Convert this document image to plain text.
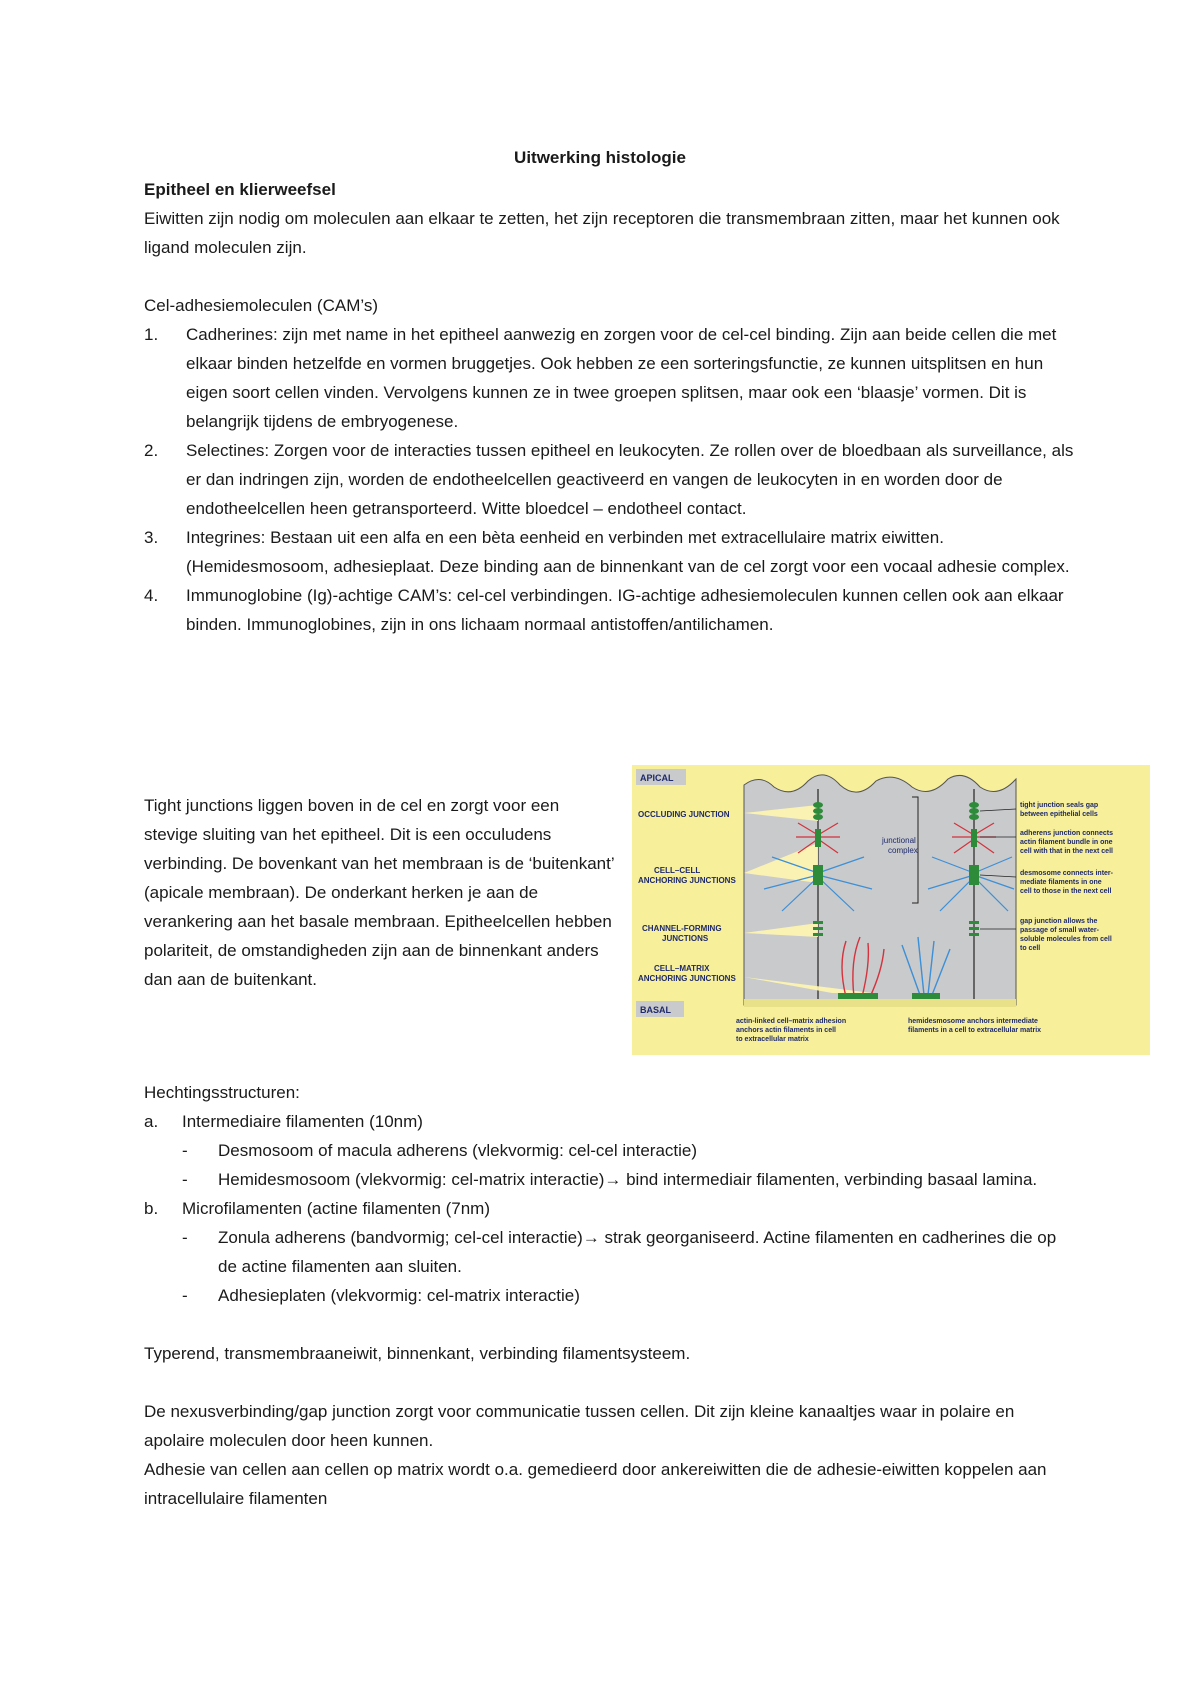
Uitwerking histologie

Epitheel en klierweefsel

Eiwitten zijn nodig om moleculen aan elkaar te zetten, het zijn receptoren die transmembraan zitten, maar het kunnen ook ligand moleculen zijn.

Cel-adhesiemoleculen (CAM’s)

1.	Cadherines: zijn met name in het epitheel aanwezig en zorgen voor de cel-cel binding. Zijn aan beide cellen die met elkaar binden hetzelfde en vormen bruggetjes. Ook hebben ze een sorteringsfunctie, ze kunnen uitsplitsen en hun eigen soort cellen vinden. Vervolgens kunnen ze in twee groepen splitsen, maar ook een ‘blaasje’ vormen. Dit is belangrijk tijdens de embryogenese.
2.	Selectines: Zorgen voor de interacties tussen epitheel en leukocyten. Ze rollen over de bloedbaan als surveillance, als er dan indringen zijn, worden de endotheelcellen geactiveerd en vangen de leukocyten in en worden door de endotheelcellen heen getransporteerd. Witte bloedcel – endotheel contact.
3.	Integrines: Bestaan uit een alfa en een bèta eenheid en verbinden met extracellulaire matrix eiwitten. (Hemidesmosoom, adhesieplaat. Deze binding aan de binnenkant van de cel zorgt voor een vocaal adhesie complex.
4.	Immunoglobine (Ig)-achtige CAM’s: cel-cel verbindingen. IG-achtige adhesiemoleculen kunnen cellen ook aan elkaar binden. Immunoglobines, zijn in ons lichaam normaal antistoffen/antilichamen.

Tight junctions liggen boven in de cel en zorgt voor een stevige sluiting van het epitheel. Dit is een occuludens verbinding. De bovenkant van het membraan is de ‘buitenkant’ (apicale membraan). De onderkant herken je aan de verankering aan het basale membraan. Epitheelcellen hebben polariteit, de omstandigheden zijn aan de binnenkant anders dan aan de buitenkant.

APICAL
BASAL
OCCLUDING JUNCTION
CELL–CELL
ANCHORING JUNCTIONS
CHANNEL-FORMING
JUNCTIONS
CELL–MATRIX
ANCHORING JUNCTIONS
junctional
complex
tight junction seals gap
between epithelial cells
adherens junction connects
actin filament bundle in one
cell with that in the next cell
desmosome connects inter-
mediate filaments in one
cell to those in the next cell
gap junction allows the
passage of small water-
soluble molecules from cell
to cell
actin-linked cell–matrix adhesion
anchors actin filaments in cell
to extracellular matrix
hemidesmosome anchors intermediate
filaments in a cell to extracellular matrix

Hechtingsstructuren:

a. Intermediaire filamenten (10nm)
- Desmosoom of macula adherens (vlekvormig: cel-cel interactie)
- Hemidesmosoom (vlekvormig: cel-matrix interactie)→ bind intermediair filamenten, verbinding basaal lamina.
b. Microfilamenten (actine filamenten (7nm)
- Zonula adherens (bandvormig; cel-cel interactie)→ strak georganiseerd. Actine filamenten en cadherines die op de actine filamenten aan sluiten.
- Adhesieplaten (vlekvormig: cel-matrix interactie)

Typerend, transmembraaneiwit, binnenkant, verbinding filamentsysteem.

De nexusverbinding/gap junction zorgt voor communicatie tussen cellen. Dit zijn kleine kanaaltjes waar in polaire en apolaire moleculen door heen kunnen.

Adhesie van cellen aan cellen op matrix wordt o.a. gemedieerd door ankereiwitten die de adhesie-eiwitten koppelen aan intracellulaire filamenten
